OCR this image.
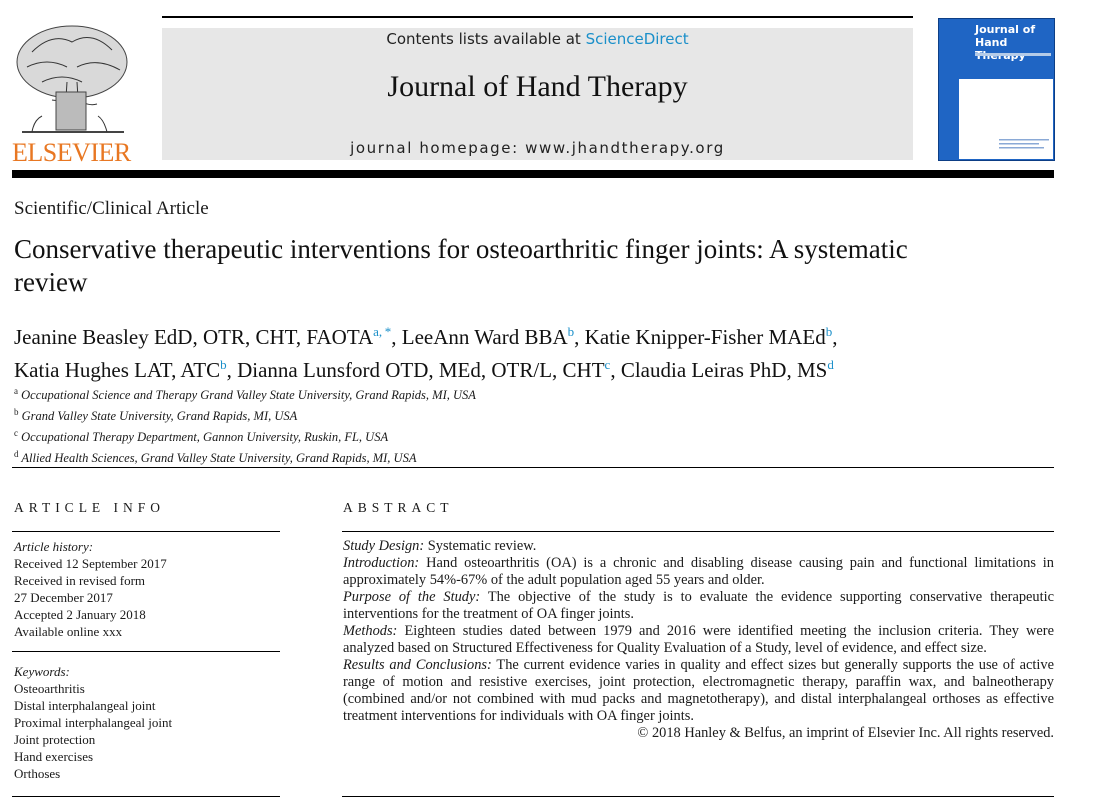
ELSEVIER
Contents lists available at ScienceDirect
Journal of Hand Therapy
journal homepage: www.jhandtherapy.org
Journal of Hand
Scientific/Clinical Article
Conservative therapeutic interventions for osteoarthritic finger joints: A systematic review
Jeanine Beasley EdD, OTR, CHT, $FAOTA^{a, *}$, LeeAnn Ward BBA$^b$, Katie Knipper-Fisher MAEd$^b$,
Katia Hughes LAT, ATC$^b$, Dianna Lunsford OTD, MEd, OTR/L, CHT$^c$, Claudia Leiras PhD, $MS^d$
$^a$ Occupational Science and Therapy Grand Valley State University, Grand Rapids, MI, USA
$^b$ Grand Valley State University, Grand Rapids, MI, USA
$^c$ Occupational Therapy Department, Gannon University, Ruskin, FL, USA
$^d$ Allied Health Sciences, Grand Valley State University, Grand Rapids, MI, USA
ARTICLE INFO
Article history:
Received 12 September 2017
Received in revised form
27 December 2017
Accepted 2 January 2018
Available online xxx
Keywords:
Osteoarthritis
Distal interphalangeal joint
Proximal interphalangeal joint
Joint protection
Hand exercises
Orthoses
ABSTRACT

Study Design: Systematic review.

Introduction: Hand osteoarthritis (OA) is a chronic and disabling disease causing pain and functional limitations in approximately 54%-67% of the adult population aged 55 years and older.

Purpose of the Study: The objective of the study is to evaluate the evidence supporting conservative therapeutic interventions for the treatment of OA finger joints.

Methods: Eighteen studies dated between 1979 and 2016 were identified meeting the inclusion criteria. They were analyzed based on Structured Effectiveness for Quality Evaluation of a Study, level of evidence, and effect size.

Results and Conclusions: The current evidence varies in quality and effect sizes but generally supports the use of active range of motion and resistive exercises, joint protection, electromagnetic therapy, paraffin wax, and balneotherapy (combined and/or not combined with mud packs and magnetotherapy), and distal interphalangeal orthoses as effective treatment interventions for individuals with OA finger joints.

© 2018 Hanley & Belfus, an imprint of Elsevier Inc. All rights reserved.
